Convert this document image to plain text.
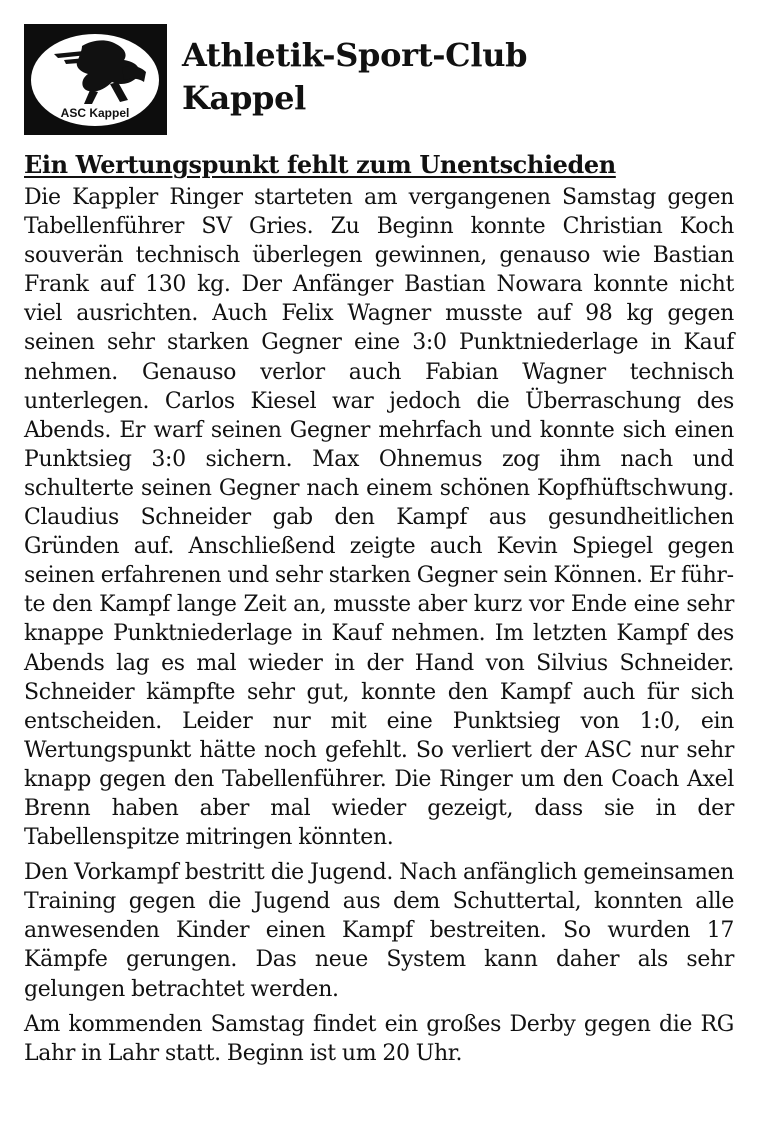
ASC Kappel
Athletik-Sport-Club
Kappel
Ein Wertungspunkt fehlt zum Unentschieden

Die Kappler Ringer starteten am vergangenen Samstag gegen Tabellenführer SV Gries. Zu Beginn konnte Christian Koch souverän technisch überlegen gewinnen, genauso wie Bastian Frank auf 130 kg. Der Anfänger Bastian Nowara konnte nicht viel ausrichten. Auch Felix Wagner musste auf 98 kg gegen seinen sehr starken Gegner eine 3:0 Punktniederlage in Kauf nehmen. Genauso verlor auch Fabian Wagner technisch unterlegen. Carlos Kiesel war jedoch die Überraschung des Abends. Er warf seinen Gegner mehrfach und konnte sich einen Punktsieg 3:0 sichern. Max Ohnemus zog ihm nach und schulterte seinen Gegner nach einem schönen Kopfhüftschwung. Claudius Schneider gab den Kampf aus gesundheitlichen Gründen auf. Anschließend zeigte auch Kevin Spiegel gegen seinen erfahrenen und sehr starken Gegner sein Können. Er führte den Kampf lange Zeit an, musste aber kurz vor Ende eine sehr knappe Punktniederlage in Kauf nehmen. Im letzten Kampf des Abends lag es mal wieder in der Hand von Silvius Schneider. Schneider kämpfte sehr gut, konnte den Kampf auch für sich entscheiden. Leider nur mit eine Punktsieg von 1:0, ein Wertungspunkt hätte noch gefehlt. So verliert der ASC nur sehr knapp gegen den Tabellenführer. Die Ringer um den Coach Axel Brenn haben aber mal wieder gezeigt, dass sie in der Tabellenspitze mitringen könnten.

Den Vorkampf bestritt die Jugend. Nach anfänglich gemeinsamen Training gegen die Jugend aus dem Schuttertal, konnten alle anwesenden Kinder einen Kampf bestreiten. So wurden 17 Kämpfe gerungen. Das neue System kann daher als sehr gelungen betrachtet werden.

Am kommenden Samstag findet ein großes Derby gegen die RG Lahr in Lahr statt. Beginn ist um 20 Uhr.
